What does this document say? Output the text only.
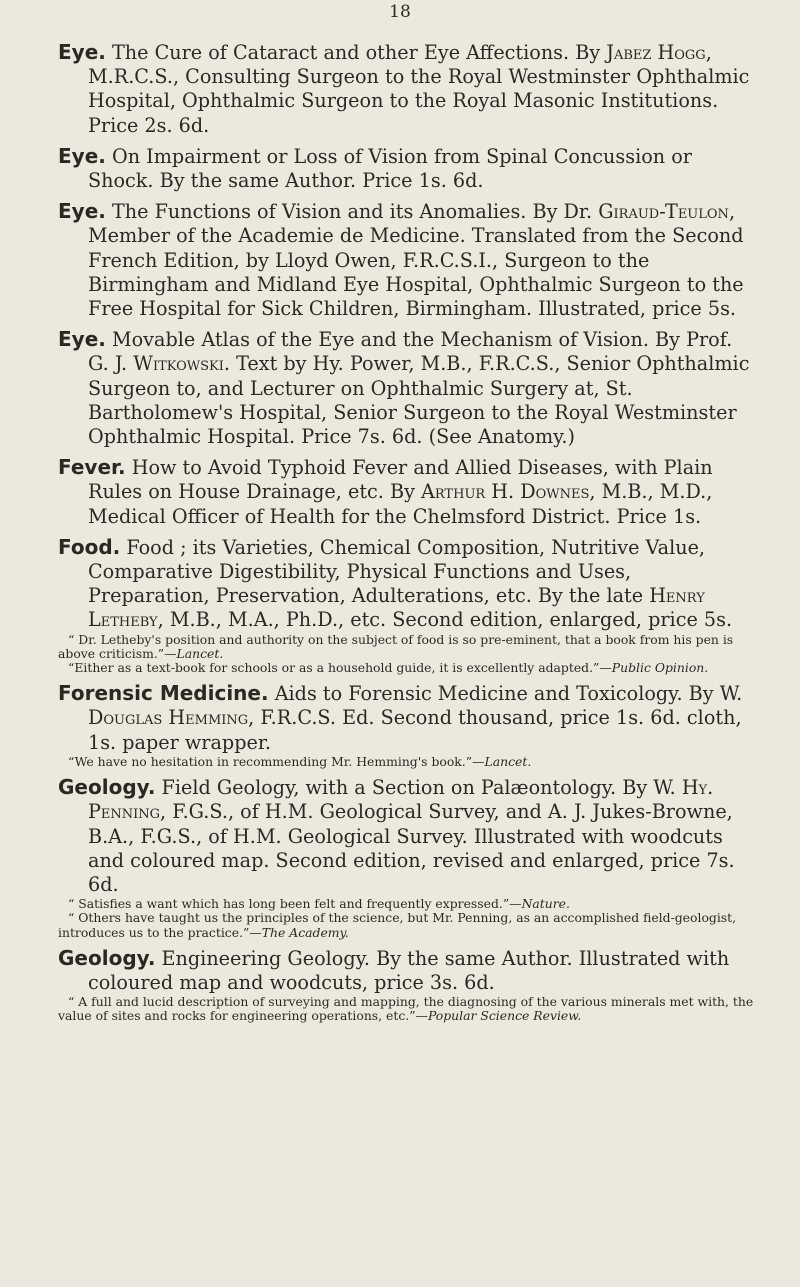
18
Eye. The Cure of Cataract and other Eye Affections. By Jabez Hogg, M.R.C.S., Consulting Surgeon to the Royal Westminster Ophthalmic Hospital, Ophthalmic Surgeon to the Royal Masonic Institutions. Price 2s. 6d.
Eye. On Impairment or Loss of Vision from Spinal Concussion or Shock. By the same Author. Price 1s. 6d.
Eye. The Functions of Vision and its Anomalies. By Dr. Giraud-Teulon, Member of the Academie de Medicine. Translated from the Second French Edition, by Lloyd Owen, F.R.C.S.I., Surgeon to the Birmingham and Midland Eye Hospital, Ophthalmic Surgeon to the Free Hospital for Sick Children, Birmingham. Illustrated, price 5s.
Eye. Movable Atlas of the Eye and the Mechanism of Vision. By Prof. G. J. Witkowski. Text by Hy. Power, M.B., F.R.C.S., Senior Ophthalmic Surgeon to, and Lecturer on Ophthalmic Surgery at, St. Bartholomew's Hospital, Senior Surgeon to the Royal Westminster Ophthalmic Hospital. Price 7s. 6d. (See Anatomy.)
Fever. How to Avoid Typhoid Fever and Allied Diseases, with Plain Rules on House Drainage, etc. By Arthur H. Downes, M.B., M.D., Medical Officer of Health for the Chelmsford District. Price 1s.
Food. Food ; its Varieties, Chemical Composition, Nutritive Value, Comparative Digestibility, Physical Functions and Uses, Preparation, Preservation, Adulterations, etc. By the late Henry Letheby, M.B., M.A., Ph.D., etc. Second edition, enlarged, price 5s.
“ Dr. Letheby's position and authority on the subject of food is so pre-eminent, that a book from his pen is above criticism.”—Lancet.
“Either as a text-book for schools or as a household guide, it is excellently adapted.”—Public Opinion.
Forensic Medicine. Aids to Forensic Medicine and Toxicology. By W. Douglas Hemming, F.R.C.S. Ed. Second thousand, price 1s. 6d. cloth, 1s. paper wrapper.
“We have no hesitation in recommending Mr. Hemming's book.”—Lancet.
Geology. Field Geology, with a Section on Palæontology. By W. Hy. Penning, F.G.S., of H.M. Geological Survey, and A. J. Jukes-Browne, B.A., F.G.S., of H.M. Geological Survey. Illustrated with woodcuts and coloured map. Second edition, revised and enlarged, price 7s. 6d.
“ Satisfies a want which has long been felt and frequently expressed.”—Nature.
“ Others have taught us the principles of the science, but Mr. Penning, as an accomplished field-geologist, introduces us to the practice.”—The Academy.
Geology. Engineering Geology. By the same Author. Illustrated with coloured map and woodcuts, price 3s. 6d.
“ A full and lucid description of surveying and mapping, the diagnosing of the various minerals met with, the value of sites and rocks for engineering operations, etc.”—Popular Science Review.
